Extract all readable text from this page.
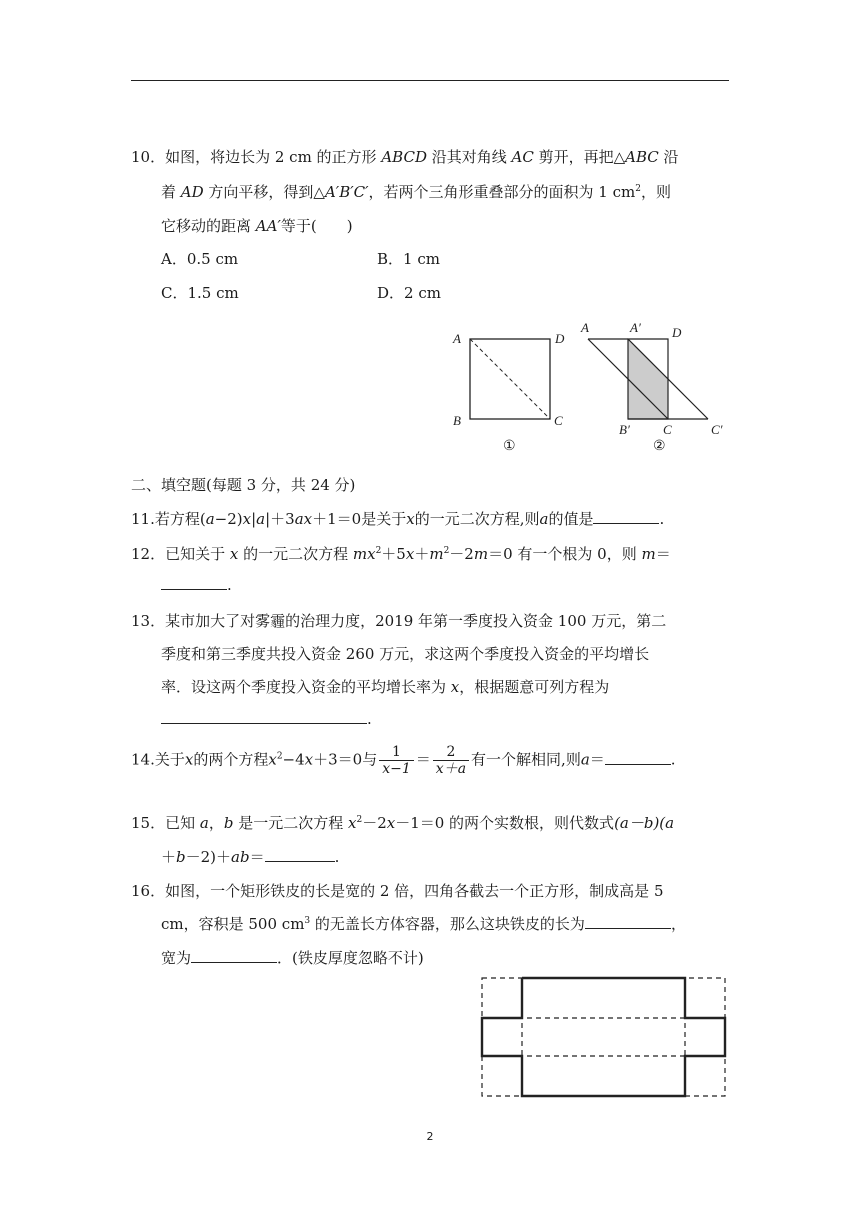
10．如图，将边长为 2 cm 的正方形 ABCD 沿其对角线 AC 剪开，再把△ABC 沿
着 AD 方向平移，得到△A′B′C′，若两个三角形重叠部分的面积为 1 $cm^2$，则
它移动的距离 AA′等于(　　)
A．0.5 cm	B．1 cm
C．1.5 cm	D．2 cm
A
B	C
D
①
A	A′ D
B′	C	C′
②
二、填空题(每题 3 分，共 24 分)
11.若方程(a−2)x|a|＋3ax＋1＝0是关于x的一元二次方程,则a的值是	.
12．已知关于 x 的一元二次方程 $mx^2+5x+m^2-2m=0$ 有一个根为 0，则 m＝
.
13．某市加大了对雾霾的治理力度，2019 年第一季度投入资金 100 万元，第二
季度和第三季度共投入资金 260 万元，求这两个季度投入资金的平均增长
率．设这两个季度投入资金的平均增长率为 x，根据题意可列方程为
.
14.关于x的两个方程$x^2-4x+3=0$与 $\frac{1}{x-1} = \frac{2}{x+a}$ 有一个解相同,则a＝	.
15．已知 a，b 是一元二次方程 $x^2-2x-1=0$ 的两个实数根，则代数式(a－b)(a
＋b－2)＋ab＝	.
16．如图，一个矩形铁皮的长是宽的 2 倍，四角各截去一个正方形，制成高是 5
cm，容积是 500 $cm^3$ 的无盖长方体容器，那么这块铁皮的长为	，
宽为	．(铁皮厚度忽略不计)
2
